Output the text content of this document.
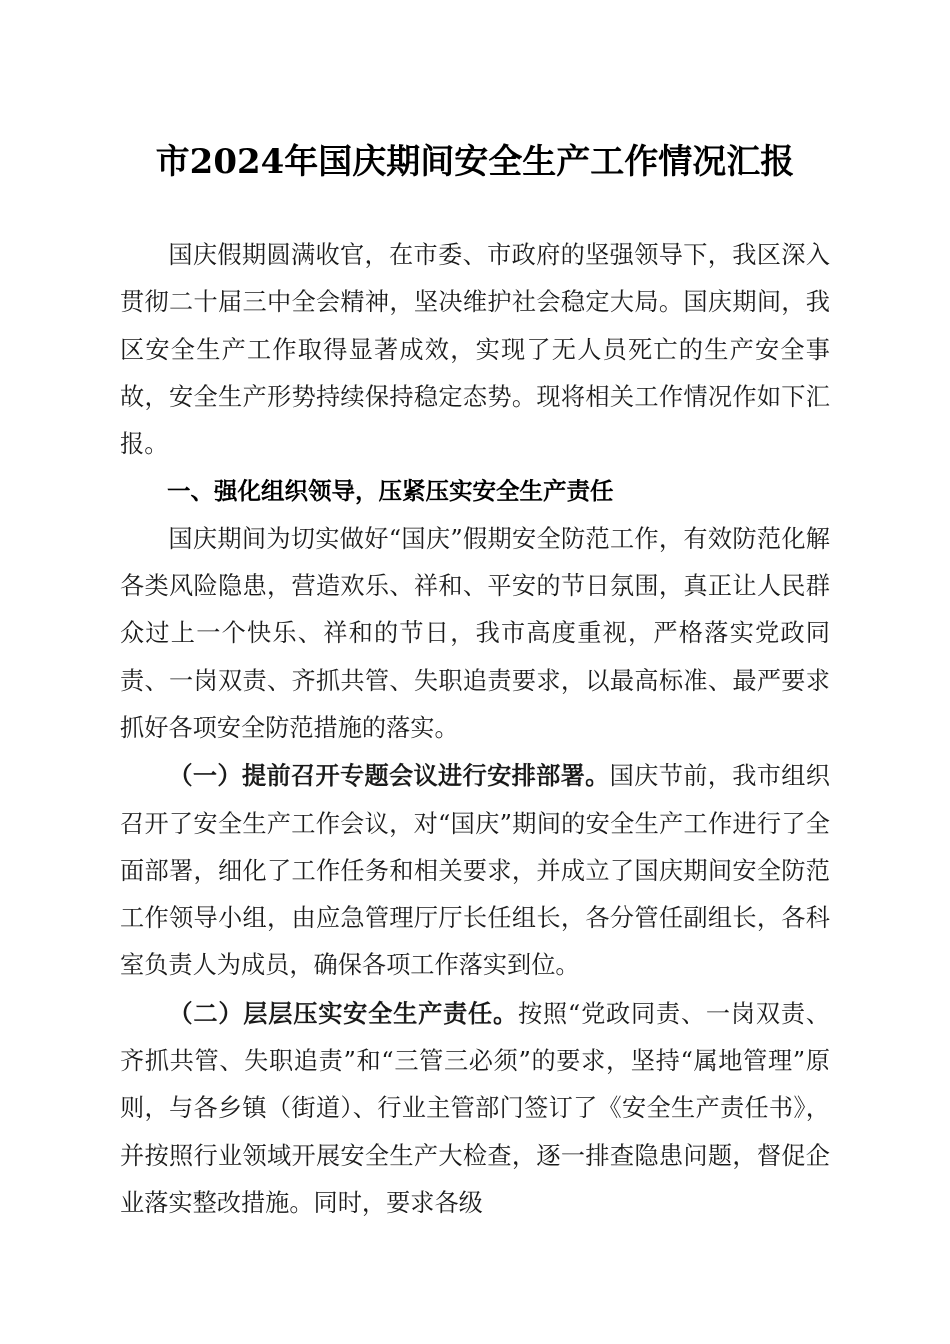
市2024年国庆期间安全生产工作情况汇报

国庆假期圆满收官，在市委、市政府的坚强领导下，我区深入贯彻二十届三中全会精神，坚决维护社会稳定大局。国庆期间，我区安全生产工作取得显著成效，实现了无人员死亡的生产安全事故，安全生产形势持续保持稳定态势。现将相关工作情况作如下汇报。

一、强化组织领导，压紧压实安全生产责任

国庆期间为切实做好“国庆”假期安全防范工作，有效防范化解各类风险隐患，营造欢乐、祥和、平安的节日氛围，真正让人民群众过上一个快乐、祥和的节日，我市高度重视，严格落实党政同责、一岗双责、齐抓共管、失职追责要求，以最高标准、最严要求抓好各项安全防范措施的落实。

（一）提前召开专题会议进行安排部署。国庆节前，我市组织召开了安全生产工作会议，对“国庆”期间的安全生产工作进行了全面部署，细化了工作任务和相关要求，并成立了国庆期间安全防范工作领导小组，由应急管理厅厅长任组长，各分管任副组长，各科室负责人为成员，确保各项工作落实到位。

（二）层层压实安全生产责任。按照“党政同责、一岗双责、齐抓共管、失职追责”和“三管三必须”的要求，坚持“属地管理”原则，与各乡镇（街道）、行业主管部门签订了《安全生产责任书》，并按照行业领域开展安全生产大检查，逐一排查隐患问题，督促企业落实整改措施。同时，要求各级
